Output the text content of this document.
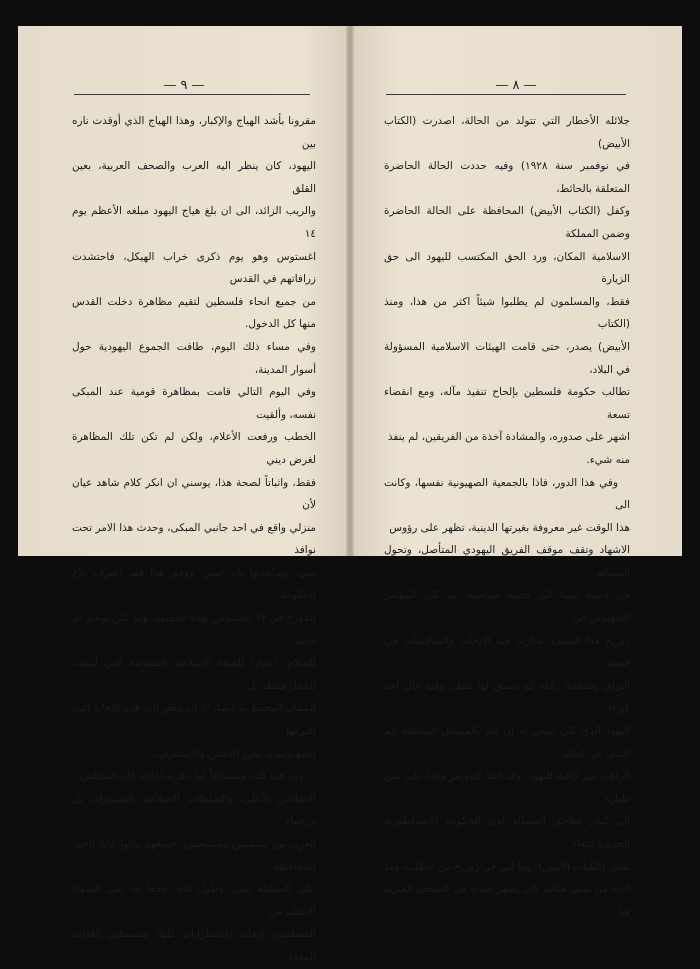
— ٩ —

مقرونا بأشد الهياج والإكبار، وهذا الهياج الذي أوقدت ناره بين

اليهود، كان ينظر اليه العرب والصحف العربية، بعين القلق

والريب الزائد، الى ان بلغ هياج اليهود مبلغه الأعظم يوم ١٤

اغستوس وهو يوم ذكرى خراب الهيكل، فاحتشدت زرافاتهم في القدس

من جميع انحاء فلسطين لتقيم مظاهرة دخلت القدس منها كل الدخول.

وفي مساء ذلك اليوم، طافت الجموع اليهودية حول أسوار المدينة،

وفي اليوم التالي قامت بمظاهرة قومية عند المبكى نفسه، وألقيت

الخطب ورفعت الأعلام، ولكن لم تكن تلك المظاهرة لغرض ديني

فقط، واثباتاً لصحة هذا، يوسني ان انكر كلام شاهد عيان لأن

منزلي واقع في احد جانبي المبكى، وحدث هذا الامر تحت نوافذ

بيتي، وشاهدتها بأم عيني. ووفق هذا فقد اعترف بلاغ الحكومة

المؤرخ في ١٧ اغستوس بهذه الحقيقة. ولم يكن بوسع اي محب

للسلام، اعتباراً للصفة الاسلامية المقدسة التي ليست للجدار فقط، بل

للمكان المحيط به ايضاً، الا ان ينظر الى هذه الاهانة التي اقترفها

الصهيونيون، بعين الدهش والاستغراب.

ومع هذا كله، ومصداقاً لما ذكرته اعلاه، فان المجلس

الاسلامي الأعلى، والسلطات الاسلامية المسؤولة، بل وزعماء

العرب من مسلمين ومسيحيين، جميعهم بذلوا غاية الجهد للمحافظة

على السكينة بصبر وطول اناة، وحقاً قد بقي السواد الاعظم من

المسلمين، اوقات الاضطرابات كلها، متمسكين باهداب المدوء

— ٨ —

جلائله الأخطار التي تتولد من الحالة، اصدرت (الكتاب الأبيض)

في نوفمبر سنة ١٩٢٨) وفيه حددت الحالة الحاضرة المتعلقة بالحائط،

وكفل (الكتاب الأبيض) المحافظة على الحالة الحاضرة وضمن المملكة

الاسلامية المكان، ورد الحق المكتسب لليهود الى حق الزيارة

فقط، والمسلمون لم يطلبوا شيئاً اكثر من هذا، ومنذ (الكتاب

الأبيض) يصدر، حتى قامت الهيئات الاسلامية المسؤولة في البلاد،

تطالب حكومة فلسطين بإلحاح تنفيذ مآله، ومع انقضاء تسعة

اشهر على صدوره، والمشادة آخذة من الفريقين، لم ينفذ

منه شيء.

وفي هذا الدور، فاذا بالجمعية الصهيونية نفسها، وكانت الى

هذا الوقت غير معروفة بغيرتها الدينية، تظهر على رؤوس

الاشهاد وتقف موقف الفريق اليهودي المتأصل، وتحول المسألة

من قضية دينية الى قضية سياسية. ثم كان المؤتمر الصهيوني في

زوريخ هذا الصيف، فدارت فيه الابحاث والمناقشات في قضية

البراق بحماسة رائعة لم يسبق لها مثيل. وفيه قال احد كبراء

اليهود الذي كان ينبغي له ان يلم بالمسائل المتعلقة اتم المام، ان الحالة

الراهنة غير كافية لليهود. وقد انفذ المؤتمر وفداً على متن طيارة

الى لندن ليلاحق المسألة لدى الحكومة الامبراطورية الجديدة ابتغاء

نقض (الكتاب الأبيض). وما اتى في زوريخ من خطاب، وما

اتخذ من تدبير هناك، كان يظهر صداه في الصحف العبرية هنا
